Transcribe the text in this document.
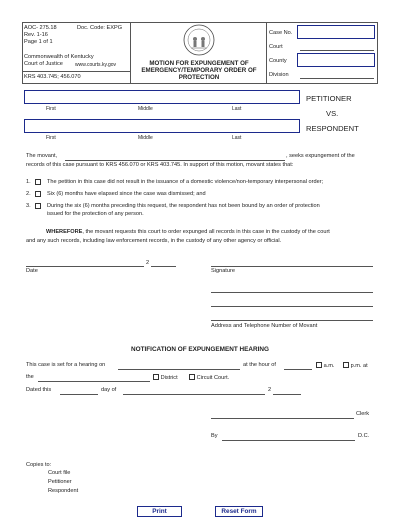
AOC- 275.18	Doc. Code: EXPG
Rev. 1-16
Page 1 of 1
Commonwealth of Kentucky
Court of Justice www.courts.ky.gov
KRS 403.745; 456.070
MOTION FOR EXPUNGEMENT OF EMERGENCY/TEMPORARY ORDER OF PROTECTION
Case No.
Court
County
Division
First	Middle	Last
PETITIONER
VS.
First	Middle	Last
RESPONDENT
The movant,	, seeks expungement of the
records of this case pursuant to KRS 456.070 or KRS 403.745. In support of this motion, movant states that:
1.	The petition in this case did not result in the issuance of a domestic violence/non-temporary interpersonal order;
2.	Six (6) months have elapsed since the case was dismissed; and
3.	During the six (6) months preceding this request, the respondent has not been bound by an order of protection
issued for the protection of any person.
WHEREFORE, the movant requests this court to order expunged all records in this case in the custody of the court
and any such records, including law enforcement records, in the custody of any other agency or official.
2
Date	Signature
Address and Telephone Number of Movant
NOTIFICATION OF EXPUNGEMENT HEARING
This case is set for a hearing on	at the hour of	a.m.	p.m. at
the	District	Circuit Court.
Dated this	day of	2
Clerk
By	D.C.
Copies to:
Court file
Petitioner
Respondent
Print	Reset Form
